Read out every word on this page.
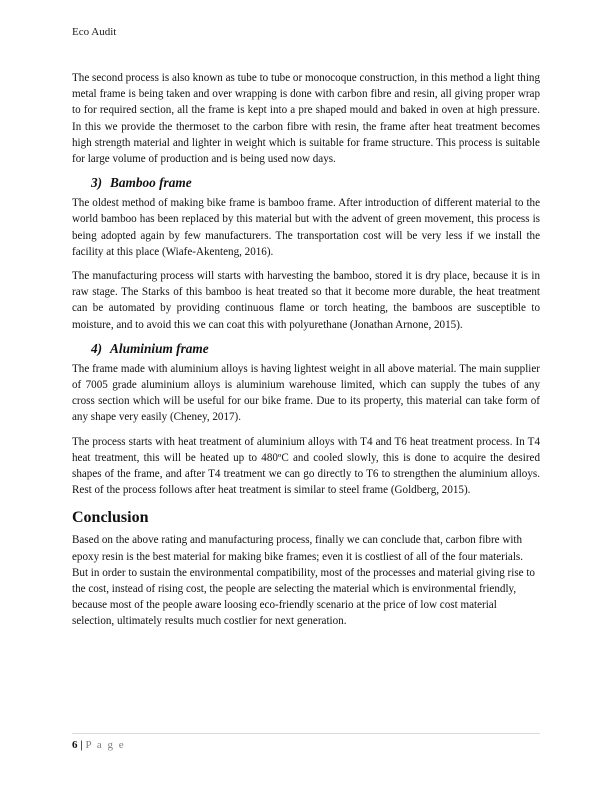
Eco Audit

The second process is also known as tube to tube or monocoque construction, in this method a light thing metal frame is being taken and over wrapping is done with carbon fibre and resin, all giving proper wrap to for required section, all the frame is kept into a pre shaped mould and baked in oven at high pressure. In this we provide the thermoset to the carbon fibre with resin, the frame after heat treatment becomes high strength material and lighter in weight which is suitable for frame structure. This process is suitable for large volume of production and is being used now days.

3) Bamboo frame

The oldest method of making bike frame is bamboo frame. After introduction of different material to the world bamboo has been replaced by this material but with the advent of green movement, this process is being adopted again by few manufacturers. The transportation cost will be very less if we install the facility at this place (Wiafe-Akenteng, 2016).

The manufacturing process will starts with harvesting the bamboo, stored it is dry place, because it is in raw stage. The Starks of this bamboo is heat treated so that it become more durable, the heat treatment can be automated by providing continuous flame or torch heating, the bamboos are susceptible to moisture, and to avoid this we can coat this with polyurethane (Jonathan Arnone, 2015).

4) Aluminium frame

The frame made with aluminium alloys is having lightest weight in all above material. The main supplier of 7005 grade aluminium alloys is aluminium warehouse limited, which can supply the tubes of any cross section which will be useful for our bike frame. Due to its property, this material can take form of any shape very easily (Cheney, 2017).

The process starts with heat treatment of aluminium alloys with T4 and T6 heat treatment process. In T4 heat treatment, this will be heated up to 480ºC and cooled slowly, this is done to acquire the desired shapes of the frame, and after T4 treatment we can go directly to T6 to strengthen the aluminium alloys. Rest of the process follows after heat treatment is similar to steel frame (Goldberg, 2015).

Conclusion

Based on the above rating and manufacturing process, finally we can conclude that, carbon fibre with epoxy resin is the best material for making bike frames; even it is costliest of all of the four materials. But in order to sustain the environmental compatibility, most of the processes and material giving rise to the cost, instead of rising cost, the people are selecting the material which is environmental friendly, because most of the people aware loosing eco-friendly scenario at the price of low cost material selection, ultimately results much costlier for next generation.

6 | P a g e
